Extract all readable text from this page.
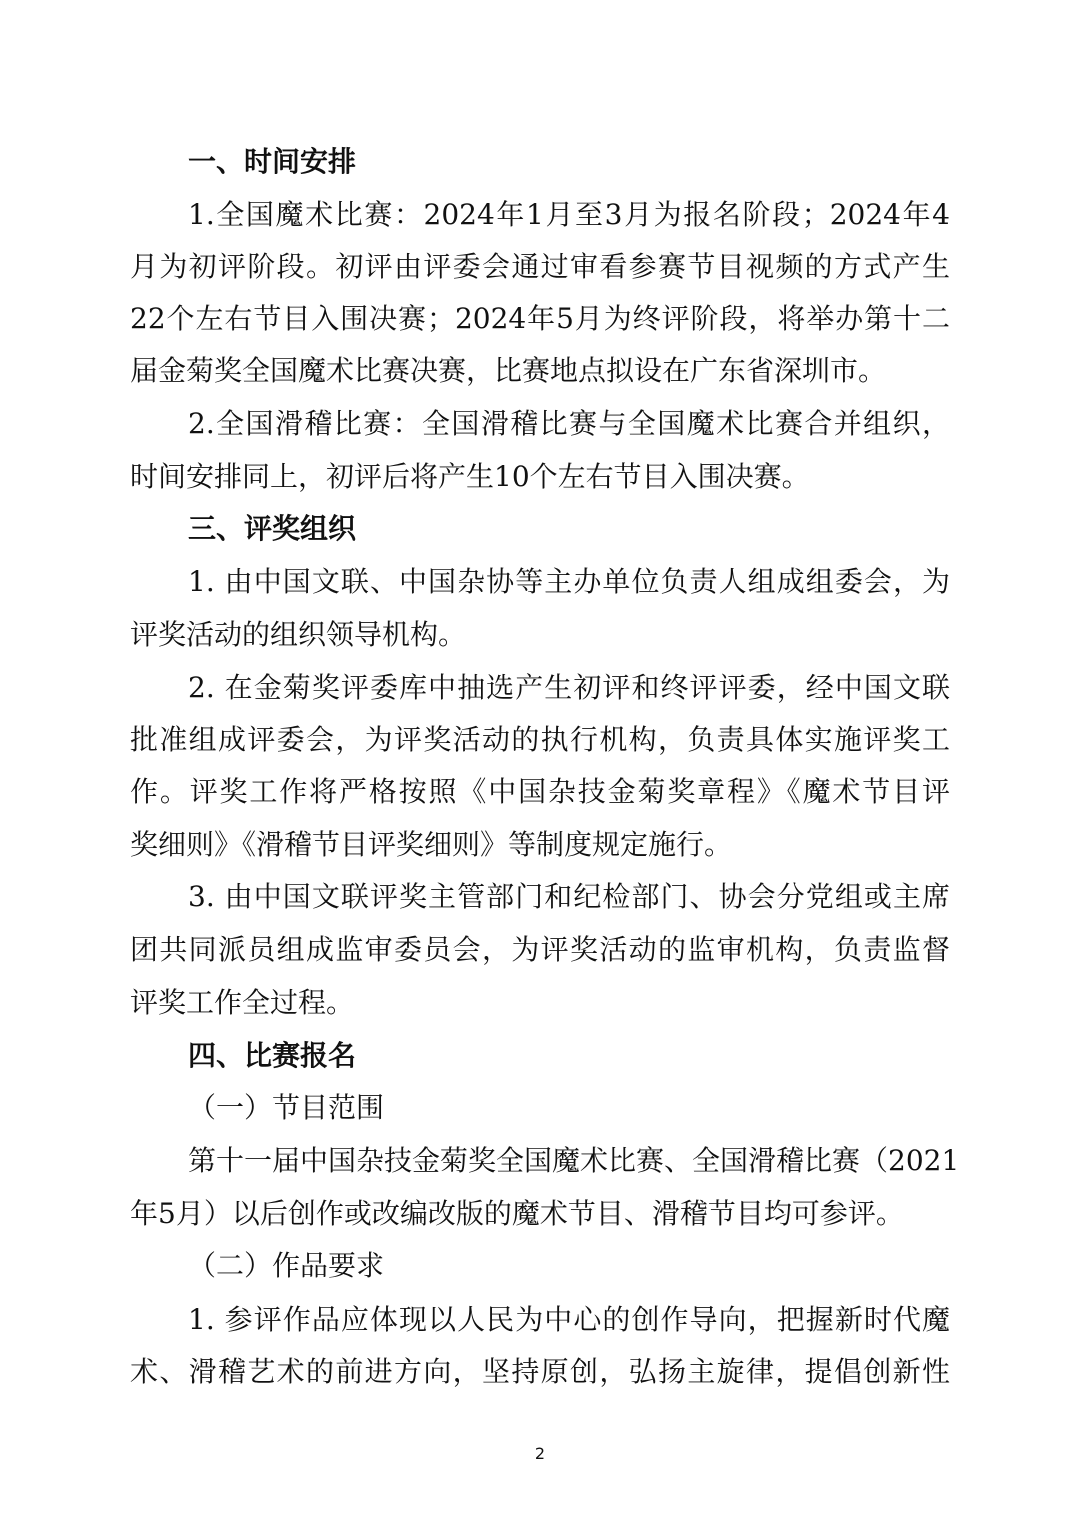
一、时间安排
1.全国魔术比赛：2024年1月至3月为报名阶段；2024年4
月为初评阶段。初评由评委会通过审看参赛节目视频的方式产生
22个左右节目入围决赛；2024年5月为终评阶段，将举办第十二
届金菊奖全国魔术比赛决赛，比赛地点拟设在广东省深圳市。
2.全国滑稽比赛：全国滑稽比赛与全国魔术比赛合并组织，
时间安排同上，初评后将产生10个左右节目入围决赛。
三、评奖组织
1. 由中国文联、中国杂协等主办单位负责人组成组委会，为
评奖活动的组织领导机构。
2. 在金菊奖评委库中抽选产生初评和终评评委，经中国文联
批准组成评委会，为评奖活动的执行机构，负责具体实施评奖工
作。评奖工作将严格按照《中国杂技金菊奖章程》《魔术节目评
奖细则》《滑稽节目评奖细则》等制度规定施行。
3. 由中国文联评奖主管部门和纪检部门、协会分党组或主席
团共同派员组成监审委员会，为评奖活动的监审机构，负责监督
评奖工作全过程。
四、比赛报名
（一）节目范围
第十一届中国杂技金菊奖全国魔术比赛、全国滑稽比赛（2021
年5月）以后创作或改编改版的魔术节目、滑稽节目均可参评。
（二）作品要求
1. 参评作品应体现以人民为中心的创作导向，把握新时代魔
术、滑稽艺术的前进方向，坚持原创，弘扬主旋律，提倡创新性
2
